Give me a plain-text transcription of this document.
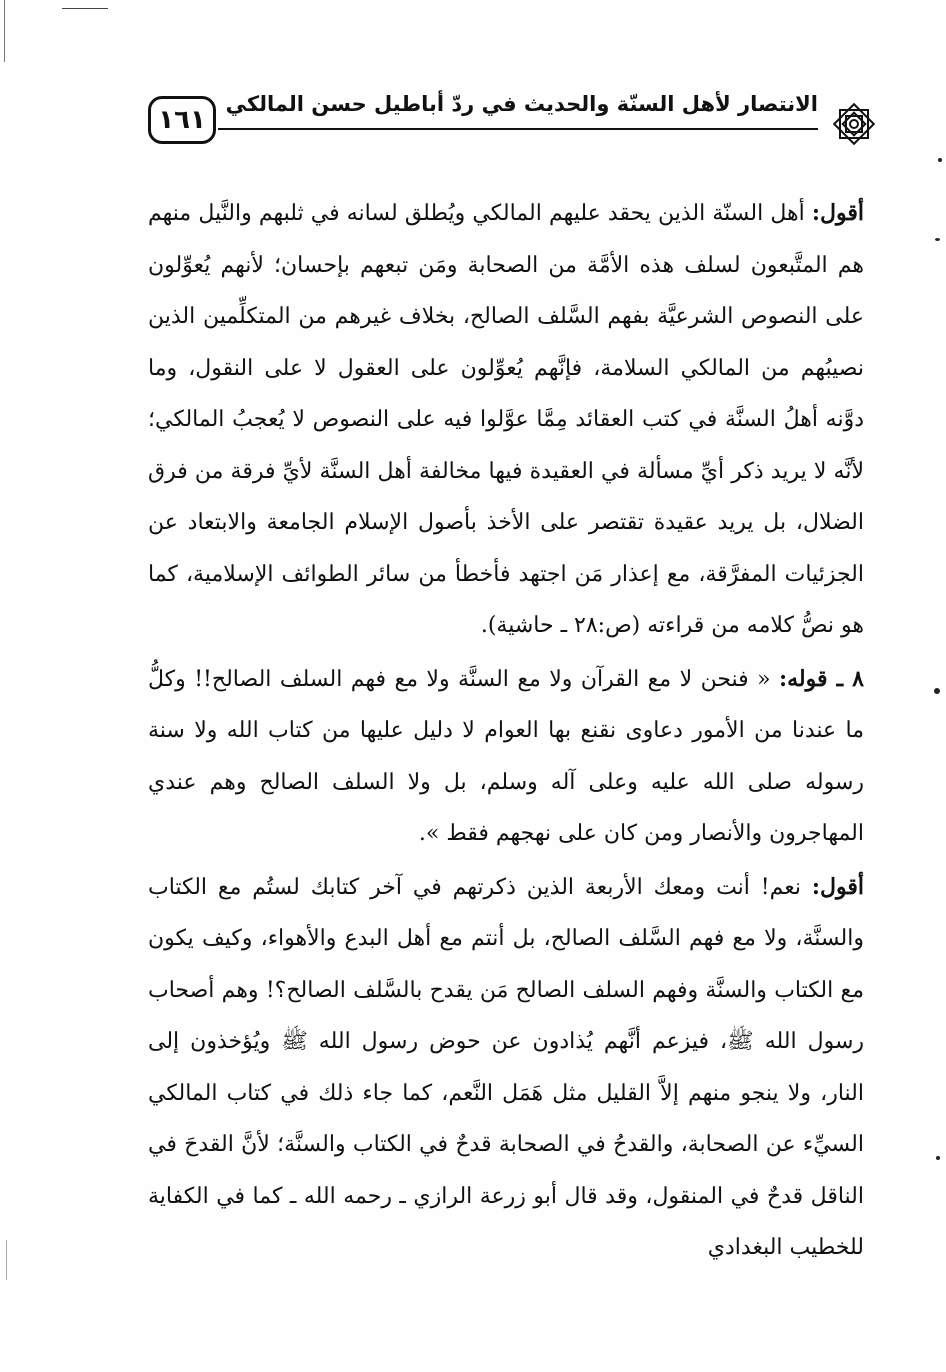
١٦١
الانتصار لأهل السنّة والحديث في ردّ أباطيل حسن المالكي

أقول: أهل السنّة الذين يحقد عليهم المالكي ويُطلق لسانه في ثلبهم والنَّيل منهم هم المتَّبعون لسلف هذه الأمَّة من الصحابة ومَن تبعهم بإحسان؛ لأنهم يُعوِّلون على النصوص الشرعيَّة بفهم السَّلف الصالح، بخلاف غيرهم من المتكلِّمين الذين نصيبُهم من المالكي السلامة، فإنَّهم يُعوِّلون على العقول لا على النقول، وما دوَّنه أهلُ السنَّة في كتب العقائد مِمَّا عوَّلوا فيه على النصوص لا يُعجبُ المالكي؛ لأنَّه لا يريد ذكر أيِّ مسألة في العقيدة فيها مخالفة أهل السنَّة لأيِّ فرقة من فرق الضلال، بل يريد عقيدة تقتصر على الأخذ بأصول الإسلام الجامعة والابتعاد عن الجزئيات المفرَّقة، مع إعذار مَن اجتهد فأخطأ من سائر الطوائف الإسلامية، كما هو نصُّ كلامه من قراءته (ص:٢٨ ـ حاشية).

٨ ـ قوله: « فنحن لا مع القرآن ولا مع السنَّة ولا مع فهم السلف الصالح!! وكلُّ ما عندنا من الأمور دعاوى نقنع بها العوام لا دليل عليها من كتاب الله ولا سنة رسوله صلى الله عليه وعلى آله وسلم، بل ولا السلف الصالح وهم عندي المهاجرون والأنصار ومن كان على نهجهم فقط ».

أقول: نعم! أنت ومعك الأربعة الذين ذكرتهم في آخر كتابك لستُم مع الكتاب والسنَّة، ولا مع فهم السَّلف الصالح، بل أنتم مع أهل البدع والأهواء، وكيف يكون مع الكتاب والسنَّة وفهم السلف الصالح مَن يقدح بالسَّلف الصالح؟! وهم أصحاب رسول الله ﷺ، فيزعم أنَّهم يُذادون عن حوض رسول الله ﷺ ويُؤخذون إلى النار، ولا ينجو منهم إلاَّ القليل مثل هَمَل النَّعم، كما جاء ذلك في كتاب المالكي السيِّء عن الصحابة، والقدحُ في الصحابة قدحٌ في الكتاب والسنَّة؛ لأنَّ القدحَ في الناقل قدحٌ في المنقول، وقد قال أبو زرعة الرازي ـ رحمه الله ـ كما في الكفاية للخطيب البغدادي
